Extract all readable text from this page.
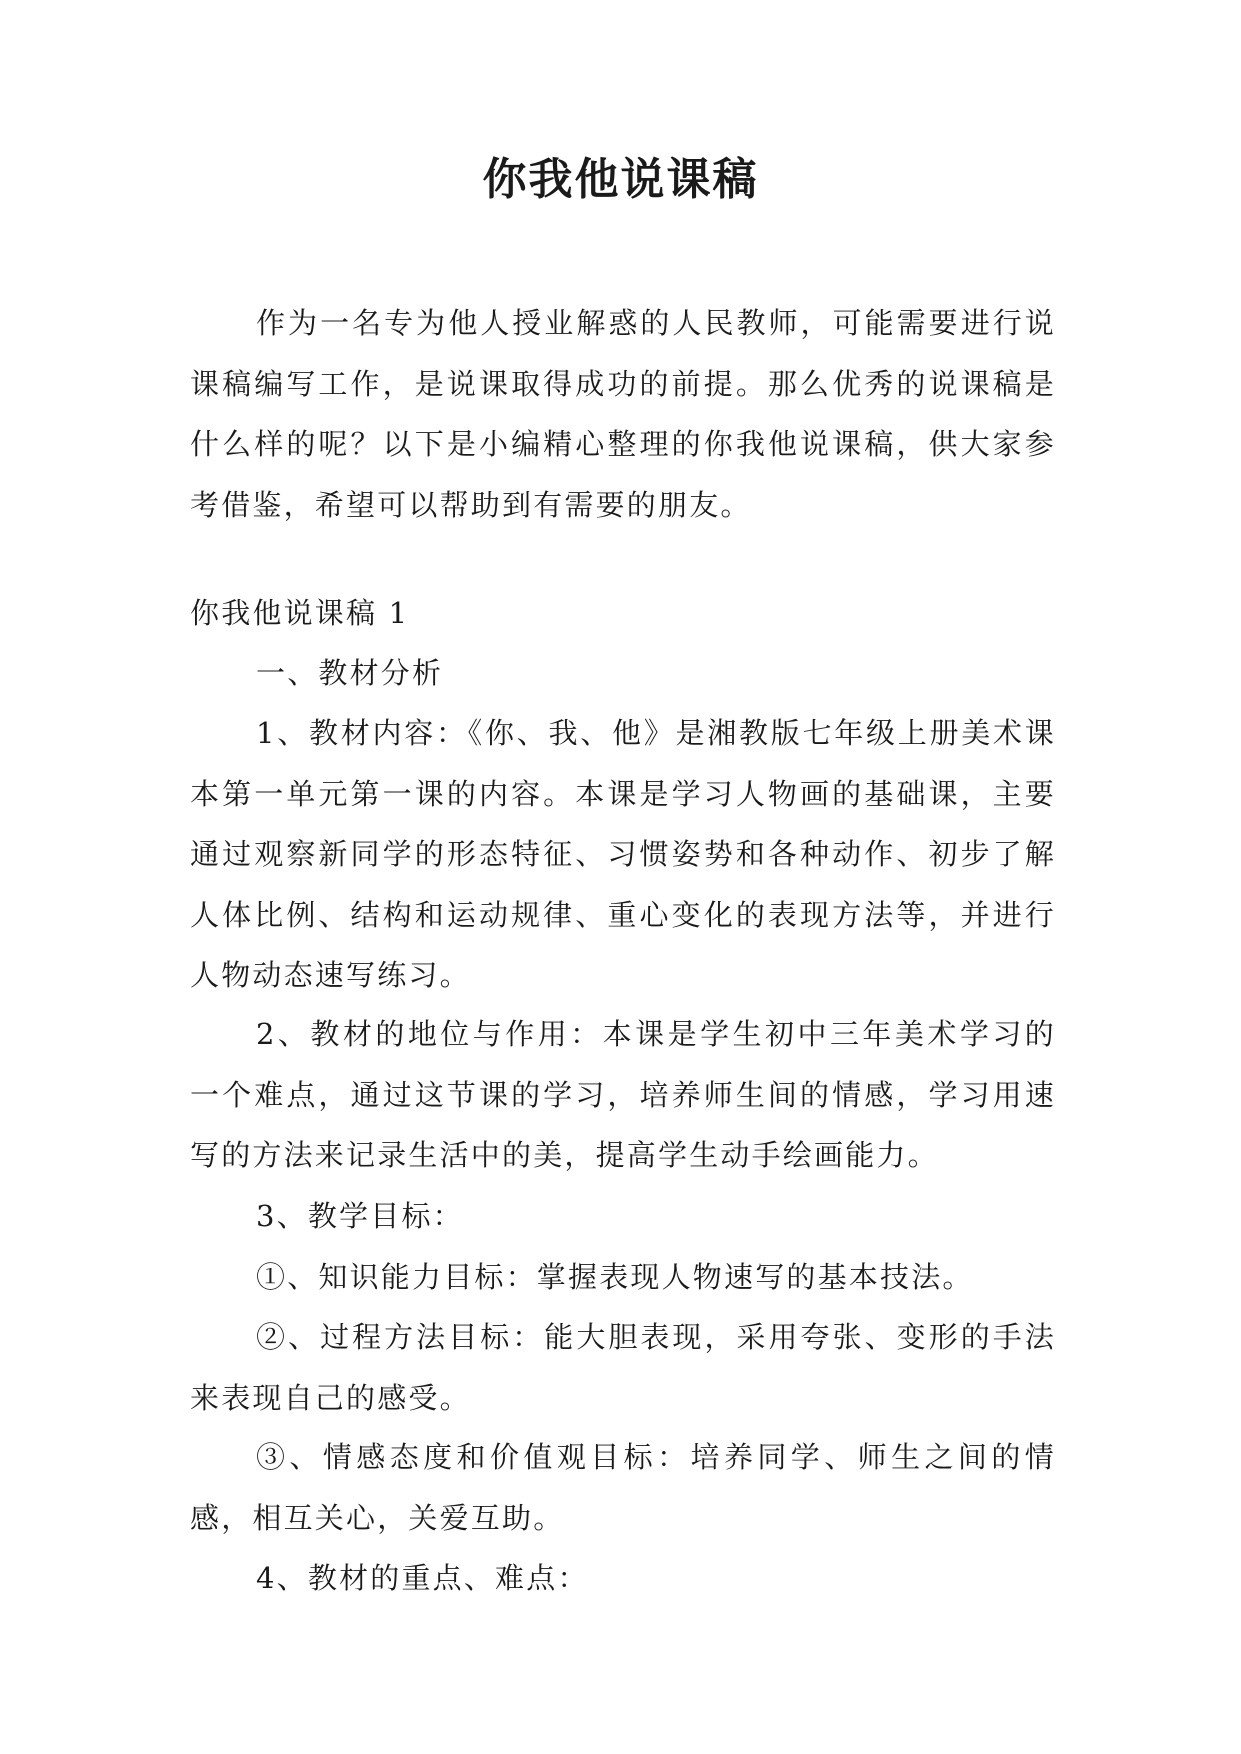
你我他说课稿

作为一名专为他人授业解惑的人民教师，可能需要进行说课稿编写工作，是说课取得成功的前提。那么优秀的说课稿是什么样的呢？以下是小编精心整理的你我他说课稿，供大家参考借鉴，希望可以帮助到有需要的朋友。

你我他说课稿 1

一、教材分析

1、教材内容：《你、我、他》是湘教版七年级上册美术课本第一单元第一课的内容。本课是学习人物画的基础课，主要通过观察新同学的形态特征、习惯姿势和各种动作、初步了解人体比例、结构和运动规律、重心变化的表现方法等，并进行人物动态速写练习。

2、教材的地位与作用：本课是学生初中三年美术学习的一个难点，通过这节课的学习，培养师生间的情感，学习用速写的方法来记录生活中的美，提高学生动手绘画能力。

3、教学目标：

①、知识能力目标：掌握表现人物速写的基本技法。

②、过程方法目标：能大胆表现，采用夸张、变形的手法来表现自己的感受。

③、情感态度和价值观目标：培养同学、师生之间的情感，相互关心，关爱互助。

4、教材的重点、难点：
